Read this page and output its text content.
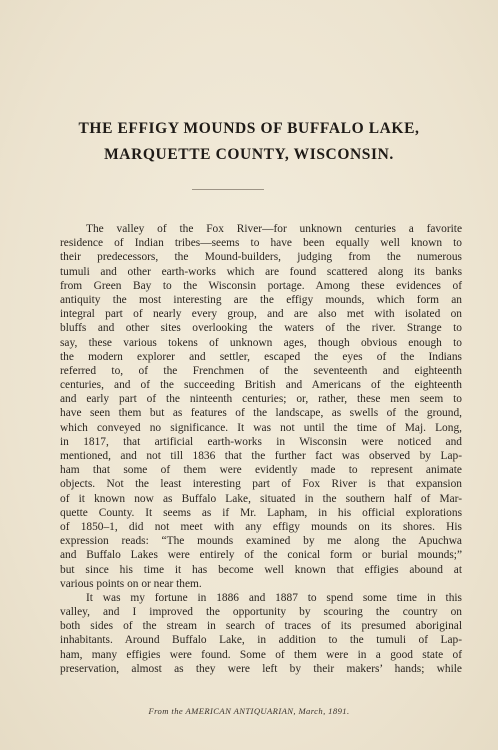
THE EFFIGY MOUNDS OF BUFFALO LAKE,
MARQUETTE COUNTY, WISCONSIN.
The valley of the Fox River—for unknown centuries a favorite
residence of Indian tribes—seems to have been equally well known to
their predecessors, the Mound-builders, judging from the numerous
tumuli and other earth-works which are found scattered along its banks
from Green Bay to the Wisconsin portage. Among these evidences of
antiquity the most interesting are the effigy mounds, which form an
integral part of nearly every group, and are also met with isolated on
bluffs and other sites overlooking the waters of the river. Strange to
say, these various tokens of unknown ages, though obvious enough to
the modern explorer and settler, escaped the eyes of the Indians
referred to, of the Frenchmen of the seventeenth and eighteenth
centuries, and of the succeeding British and Americans of the eighteenth
and early part of the ninteenth centuries; or, rather, these men seem to
have seen them but as features of the landscape, as swells of the ground,
which conveyed no significance. It was not until the time of Maj. Long,
in 1817, that artificial earth-works in Wisconsin were noticed and
mentioned, and not till 1836 that the further fact was observed by Lap-
ham that some of them were evidently made to represent animate
objects. Not the least interesting part of Fox River is that expansion
of it known now as Buffalo Lake, situated in the southern half of Mar-
quette County. It seems as if Mr. Lapham, in his official explorations
of 1850–1, did not meet with any effigy mounds on its shores. His
expression reads: “The mounds examined by me along the Apuchwa
and Buffalo Lakes were entirely of the conical form or burial mounds;”
but since his time it has become well known that effigies abound at
various points on or near them.
It was my fortune in 1886 and 1887 to spend some time in this
valley, and I improved the opportunity by scouring the country on
both sides of the stream in search of traces of its presumed aboriginal
inhabitants. Around Buffalo Lake, in addition to the tumuli of Lap-
ham, many effigies were found. Some of them were in a good state of
preservation, almost as they were left by their makers’ hands; while
From the AMERICAN ANTIQUARIAN, March, 1891.
